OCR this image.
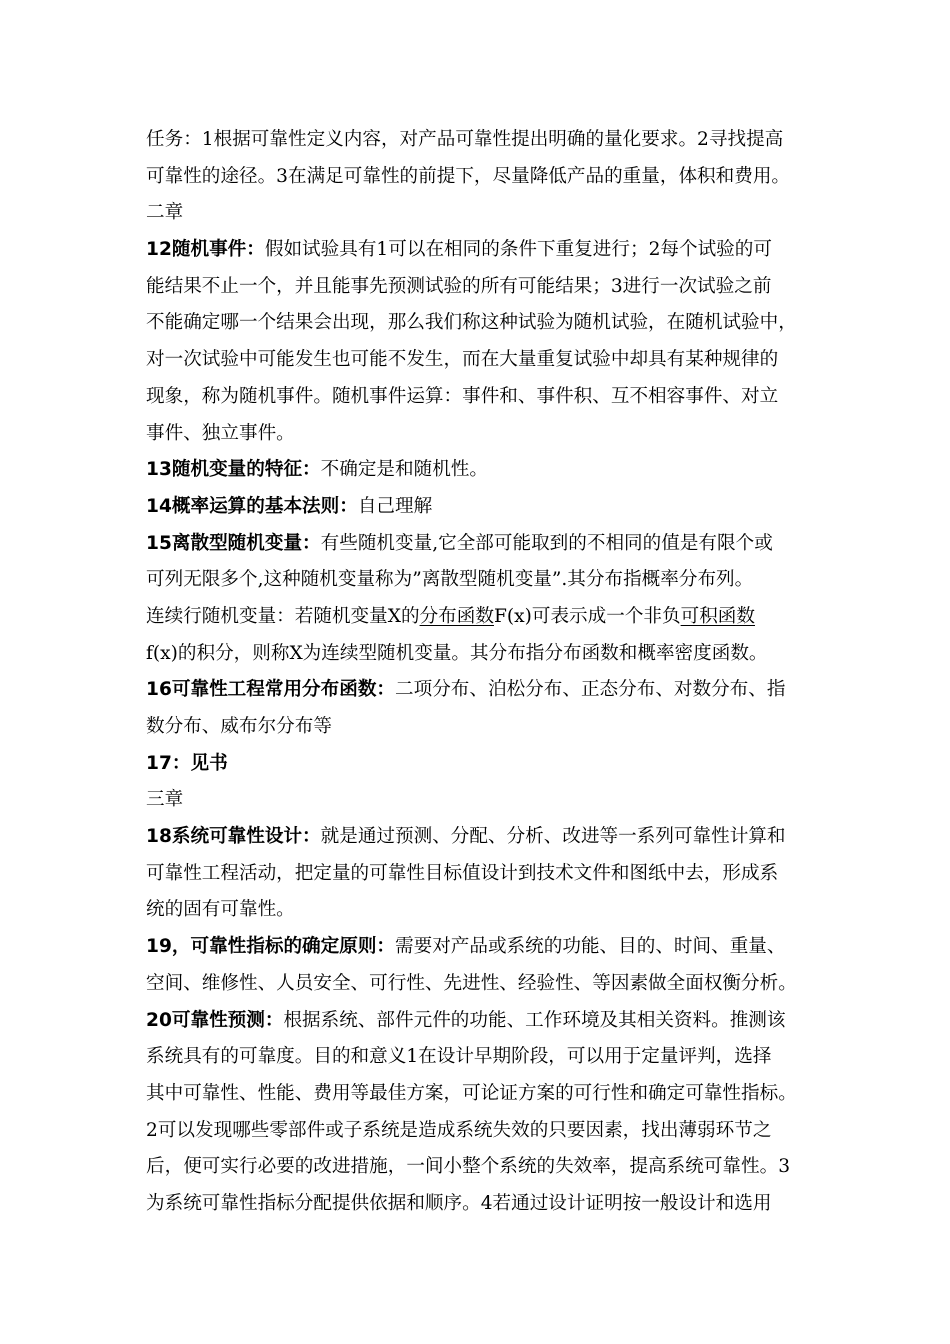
任务：1根据可靠性定义内容，对产品可靠性提出明确的量化要求。2寻找提高
可靠性的途径。3在满足可靠性的前提下，尽量降低产品的重量，体积和费用。
二章
12随机事件：假如试验具有1可以在相同的条件下重复进行；2每个试验的可
能结果不止一个，并且能事先预测试验的所有可能结果；3进行一次试验之前
不能确定哪一个结果会出现，那么我们称这种试验为随机试验，在随机试验中，
对一次试验中可能发生也可能不发生，而在大量重复试验中却具有某种规律的
现象，称为随机事件。随机事件运算：事件和、事件积、互不相容事件、对立
事件、独立事件。
13随机变量的特征：不确定是和随机性。
14概率运算的基本法则：自己理解
15离散型随机变量：有些随机变量,它全部可能取到的不相同的值是有限个或
可列无限多个,这种随机变量称为”离散型随机变量”.其分布指概率分布列。
连续行随机变量：若随机变量X的分布函数F(x)可表示成一个非负可积函数
f(x)的积分，则称X为连续型随机变量。其分布指分布函数和概率密度函数。
16可靠性工程常用分布函数：二项分布、泊松分布、正态分布、对数分布、指
数分布、威布尔分布等
17：见书
三章
18系统可靠性设计：就是通过预测、分配、分析、改进等一系列可靠性计算和
可靠性工程活动，把定量的可靠性目标值设计到技术文件和图纸中去，形成系
统的固有可靠性。
19，可靠性指标的确定原则：需要对产品或系统的功能、目的、时间、重量、
空间、维修性、人员安全、可行性、先进性、经验性、等因素做全面权衡分析。
20可靠性预测：根据系统、部件元件的功能、工作环境及其相关资料。推测该
系统具有的可靠度。目的和意义1在设计早期阶段，可以用于定量评判，选择
其中可靠性、性能、费用等最佳方案，可论证方案的可行性和确定可靠性指标。
2可以发现哪些零部件或子系统是造成系统失效的只要因素，找出薄弱环节之
后，便可实行必要的改进措施，一间小整个系统的失效率，提高系统可靠性。3
为系统可靠性指标分配提供依据和顺序。4若通过设计证明按一般设计和选用
